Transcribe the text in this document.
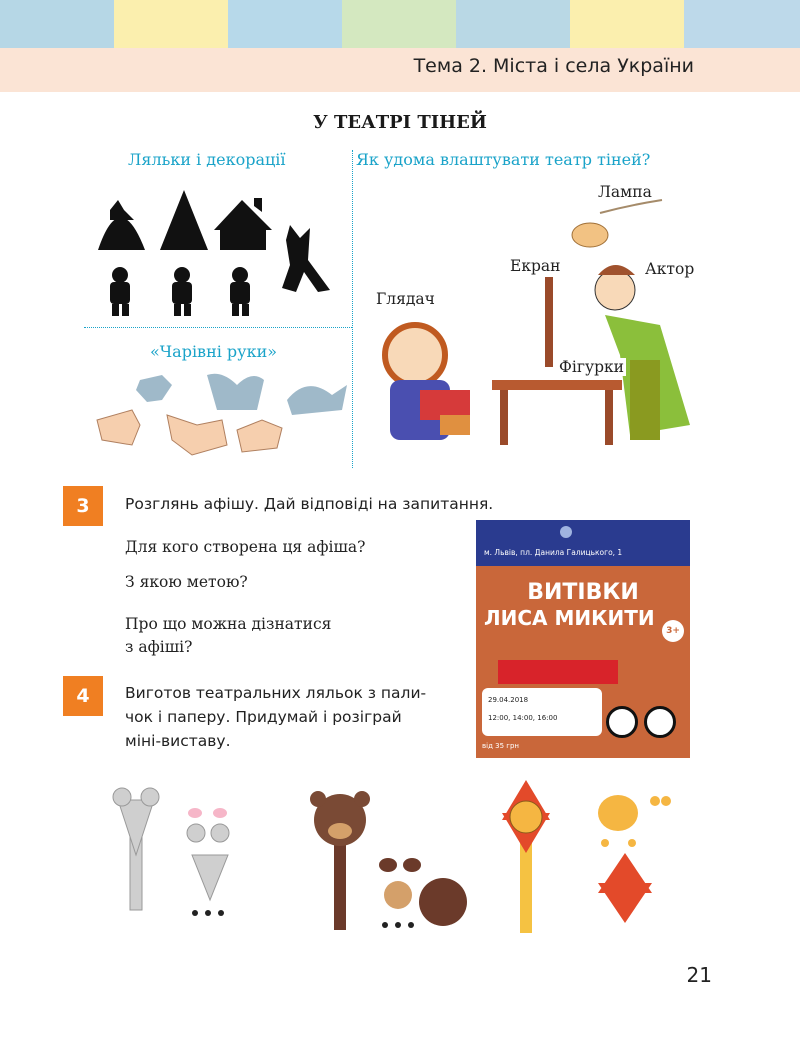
Тема 2. Міста і села України
У ТЕАТРІ ТІНЕЙ
Ляльки і декорації	Як удома влаштувати театр тіней?
«Чарівні руки»
Лампа
Екран	Актор
Глядач
Фігурки
3	Розглянь афішу. Дай відповіді на запитання.
Для кого створена ця афіша?
З якою метою?
Про що можна дізнатися
з афіші?
м. Львів, пл. Данила Галицького, 1
ВИТІВКИ
ЛИСА МИКИТИ
3+
29.04.2018
12:00, 14:00, 16:00
від 35 грн
4	Виготов театральних ляльок з пали-
чок і паперу. Придумай і розіграй
міні-виставу.
21
